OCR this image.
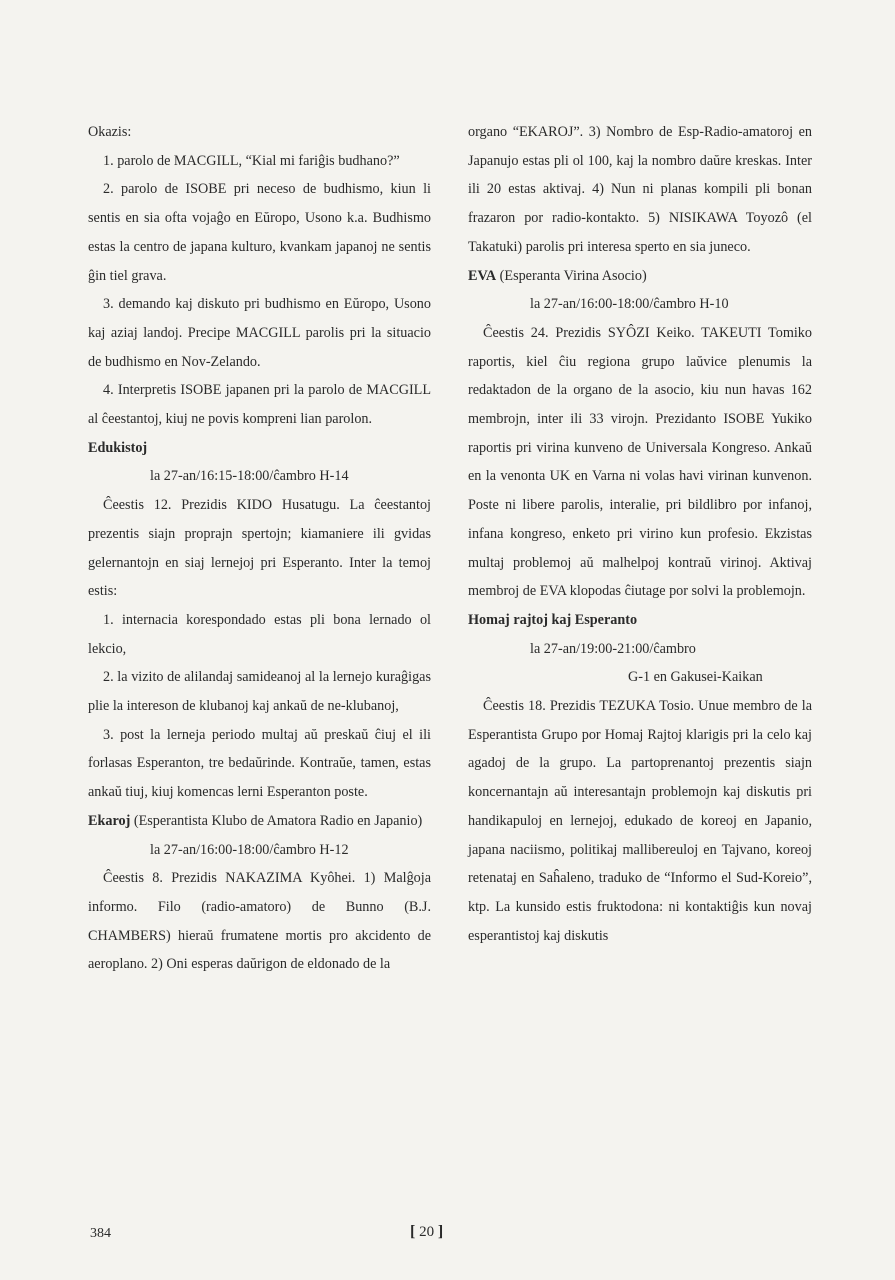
Okazis:

1. parolo de MACGILL, “Kial mi fariĝis budhano?”

2. parolo de ISOBE pri neceso de budhismo, kiun li sentis en sia ofta vojaĝo en Eŭropo, Usono k.a. Budhismo estas la centro de japana kulturo, kvankam japanoj ne sentis ĝin tiel grava.

3. demando kaj diskuto pri budhismo en Eŭropo, Usono kaj aziaj landoj. Precipe MACGILL parolis pri la situacio de budhismo en Nov-Zelando.

4. Interpretis ISOBE japanen pri la parolo de MACGILL al ĉeestantoj, kiuj ne povis kompreni lian parolon.

Edukistoj

la 27-an/16:15-18:00/ĉambro H-14

Ĉeestis 12. Prezidis KIDO Husatugu. La ĉeestantoj prezentis siajn proprajn spertojn; kiamaniere ili gvidas gelernantojn en siaj lernejoj pri Esperanto. Inter la temoj estis:

1. internacia korespondado estas pli bona lernado ol lekcio,

2. la vizito de alilandaj samideanoj al la lernejo kuraĝigas plie la intereson de klubanoj kaj ankaŭ de ne-klubanoj,

3. post la lerneja periodo multaj aŭ preskaŭ ĉiuj el ili forlasas Esperanton, tre bedaŭrinde. Kontraŭe, tamen, estas ankaŭ tiuj, kiuj komencas lerni Esperanton poste.

Ekaroj (Esperantista Klubo de Amatora Radio en Japanio)

la 27-an/16:00-18:00/ĉambro H-12

Ĉeestis 8. Prezidis NAKAZIMA Kyôhei. 1) Malĝoja informo. Filo (radio-amatoro) de Bunno (B.J. CHAMBERS) hieraŭ frumatene mortis pro akcidento de aeroplano. 2) Oni esperas daŭrigon de eldonado de la

organo “EKAROJ”. 3) Nombro de Esp-Radio-amatoroj en Japanujo estas pli ol 100, kaj la nombro daŭre kreskas. Inter ili 20 estas aktivaj. 4) Nun ni planas kompili pli bonan frazaron por radio-kontakto. 5) NISIKAWA Toyozô (el Takatuki) parolis pri interesa sperto en sia juneco.

EVA (Esperanta Virina Asocio)

la 27-an/16:00-18:00/ĉambro H-10

Ĉeestis 24. Prezidis SYÔZI Keiko. TAKEUTI Tomiko raportis, kiel ĉiu regiona grupo laŭvice plenumis la redaktadon de la organo de la asocio, kiu nun havas 162 membrojn, inter ili 33 virojn. Prezidanto ISOBE Yukiko raportis pri virina kunveno de Universala Kongreso. Ankaŭ en la venonta UK en Varna ni volas havi virinan kunvenon. Poste ni libere parolis, interalie, pri bildlibro por infanoj, infana kongreso, enketo pri virino kun profesio. Ekzistas multaj problemoj aŭ malhelpoj kontraŭ virinoj. Aktivaj membroj de EVA klopodas ĉiutage por solvi la problemojn.

Homaj rajtoj kaj Esperanto

la 27-an/19:00-21:00/ĉambro

G-1 en Gakusei-Kaikan

Ĉeestis 18. Prezidis TEZUKA Tosio. Unue membro de la Esperantista Grupo por Homaj Rajtoj klarigis pri la celo kaj agadoj de la grupo. La partoprenantoj prezentis siajn koncernantajn aŭ interesantajn problemojn kaj diskutis pri handikapuloj en lernejoj, edukado de koreoj en Japanio, japana naciismo, politikaj mallibereuloj en Tajvano, koreoj retenataj en Saĥaleno, traduko de “Informo el Sud-Koreio”, ktp. La kunsido estis fruktodona: ni kontaktiĝis kun novaj esperantistoj kaj diskutis

384	[ 20 ]
